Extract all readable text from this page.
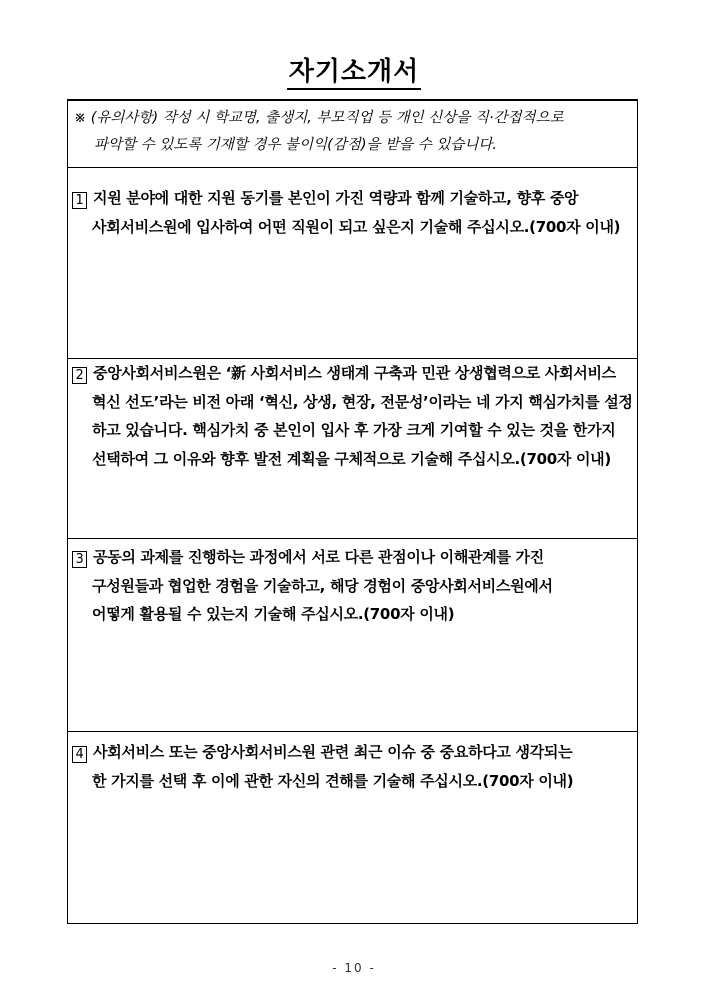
자기소개서
※ (유의사항) 작성 시 학교명, 출생지, 부모직업 등 개인 신상을 직·간접적으로
파악할 수 있도록 기재할 경우 불이익(감점)을 받을 수 있습니다.
1 지원 분야에 대한 지원 동기를 본인이 가진 역량과 함께 기술하고, 향후 중앙
사회서비스원에 입사하여 어떤 직원이 되고 싶은지 기술해 주십시오.(700자 이내)
2 중앙사회서비스원은 ‘新 사회서비스 생태계 구축과 민관 상생협력으로 사회서비스
혁신 선도’라는 비전 아래 ‘혁신, 상생, 현장, 전문성’이라는 네 가지 핵심가치를 설정
하고 있습니다. 핵심가치 중 본인이 입사 후 가장 크게 기여할 수 있는 것을 한가지
선택하여 그 이유와 향후 발전 계획을 구체적으로 기술해 주십시오.(700자 이내)
3 공동의 과제를 진행하는 과정에서 서로 다른 관점이나 이해관계를 가진
구성원들과 협업한 경험을 기술하고, 해당 경험이 중앙사회서비스원에서
어떻게 활용될 수 있는지 기술해 주십시오.(700자 이내)
4 사회서비스 또는 중앙사회서비스원 관련 최근 이슈 중 중요하다고 생각되는
한 가지를 선택 후 이에 관한 자신의 견해를 기술해 주십시오.(700자 이내)
- 10 -
